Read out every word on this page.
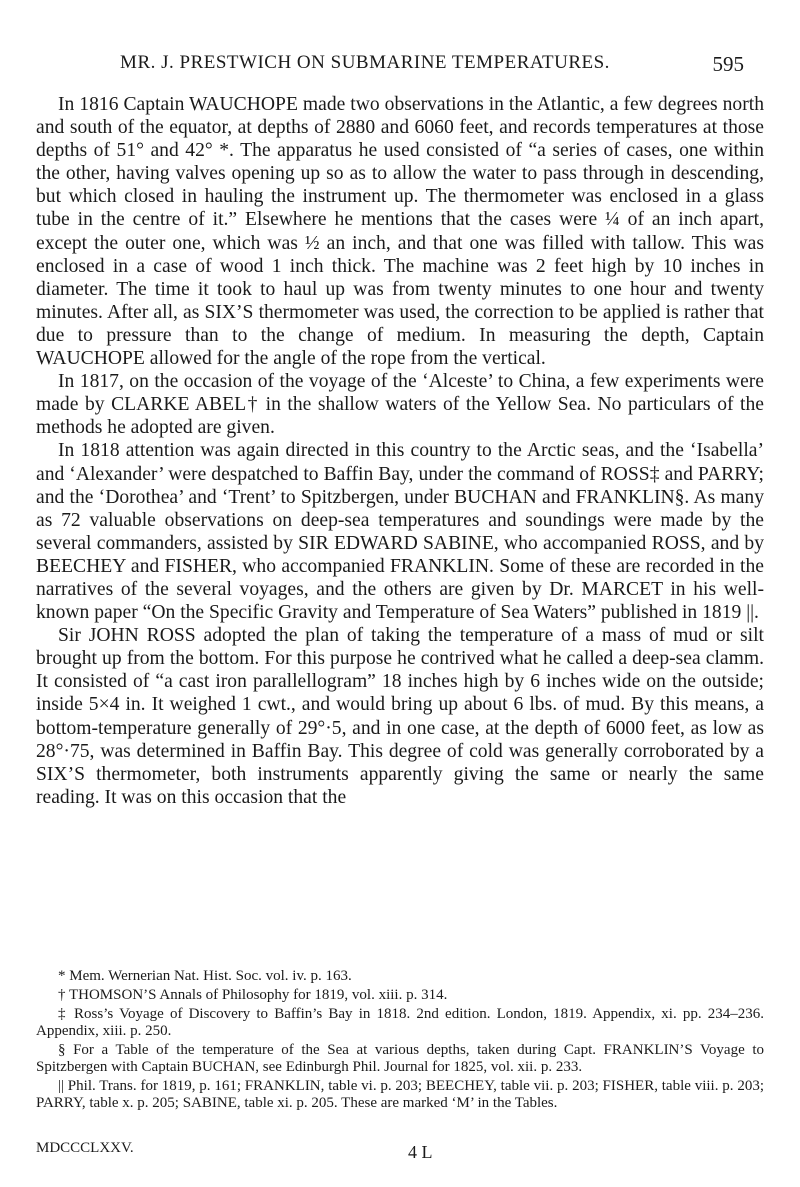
MR. J. PRESTWICH ON SUBMARINE TEMPERATURES.	595

In 1816 Captain WAUCHOPE made two observations in the Atlantic, a few degrees north and south of the equator, at depths of 2880 and 6060 feet, and records temperatures at those depths of 51° and 42° *. The apparatus he used consisted of “a series of cases, one within the other, having valves opening up so as to allow the water to pass through in descending, but which closed in hauling the instrument up. The thermometer was enclosed in a glass tube in the centre of it.” Elsewhere he mentions that the cases were ¼ of an inch apart, except the outer one, which was ½ an inch, and that one was filled with tallow. This was enclosed in a case of wood 1 inch thick. The machine was 2 feet high by 10 inches in diameter. The time it took to haul up was from twenty minutes to one hour and twenty minutes. After all, as SIX’S thermometer was used, the correction to be applied is rather that due to pressure than to the change of medium. In measuring the depth, Captain WAUCHOPE allowed for the angle of the rope from the vertical.

In 1817, on the occasion of the voyage of the ‘Alceste’ to China, a few experiments were made by CLARKE ABEL† in the shallow waters of the Yellow Sea. No particulars of the methods he adopted are given.

In 1818 attention was again directed in this country to the Arctic seas, and the ‘Isabella’ and ‘Alexander’ were despatched to Baffin Bay, under the command of ROSS‡ and PARRY; and the ‘Dorothea’ and ‘Trent’ to Spitzbergen, under BUCHAN and FRANKLIN§. As many as 72 valuable observations on deep-sea temperatures and soundings were made by the several commanders, assisted by SIR EDWARD SABINE, who accompanied ROSS, and by BEECHEY and FISHER, who accompanied FRANKLIN. Some of these are recorded in the narratives of the several voyages, and the others are given by Dr. MARCET in his well-known paper “On the Specific Gravity and Temperature of Sea Waters” published in 1819 ||.

Sir JOHN ROSS adopted the plan of taking the temperature of a mass of mud or silt brought up from the bottom. For this purpose he contrived what he called a deep-sea clamm. It consisted of “a cast iron parallellogram” 18 inches high by 6 inches wide on the outside; inside 5×4 in. It weighed 1 cwt., and would bring up about 6 lbs. of mud. By this means, a bottom-temperature generally of 29°·5, and in one case, at the depth of 6000 feet, as low as 28°·75, was determined in Baffin Bay. This degree of cold was generally corroborated by a SIX’S thermometer, both instruments apparently giving the same or nearly the same reading. It was on this occasion that the

* Mem. Wernerian Nat. Hist. Soc. vol. iv. p. 163.

† THOMSON’S Annals of Philosophy for 1819, vol. xiii. p. 314.

‡ Ross’s Voyage of Discovery to Baffin’s Bay in 1818. 2nd edition. London, 1819. Appendix, xi. pp. 234–236. Appendix, xiii. p. 250.

§ For a Table of the temperature of the Sea at various depths, taken during Capt. FRANKLIN’S Voyage to Spitzbergen with Captain BUCHAN, see Edinburgh Phil. Journal for 1825, vol. xii. p. 233.

|| Phil. Trans. for 1819, p. 161; FRANKLIN, table vi. p. 203; BEECHEY, table vii. p. 203; FISHER, table viii. p. 203; PARRY, table x. p. 205; SABINE, table xi. p. 205. These are marked ‘M’ in the Tables.

MDCCCLXXV.	4 L
